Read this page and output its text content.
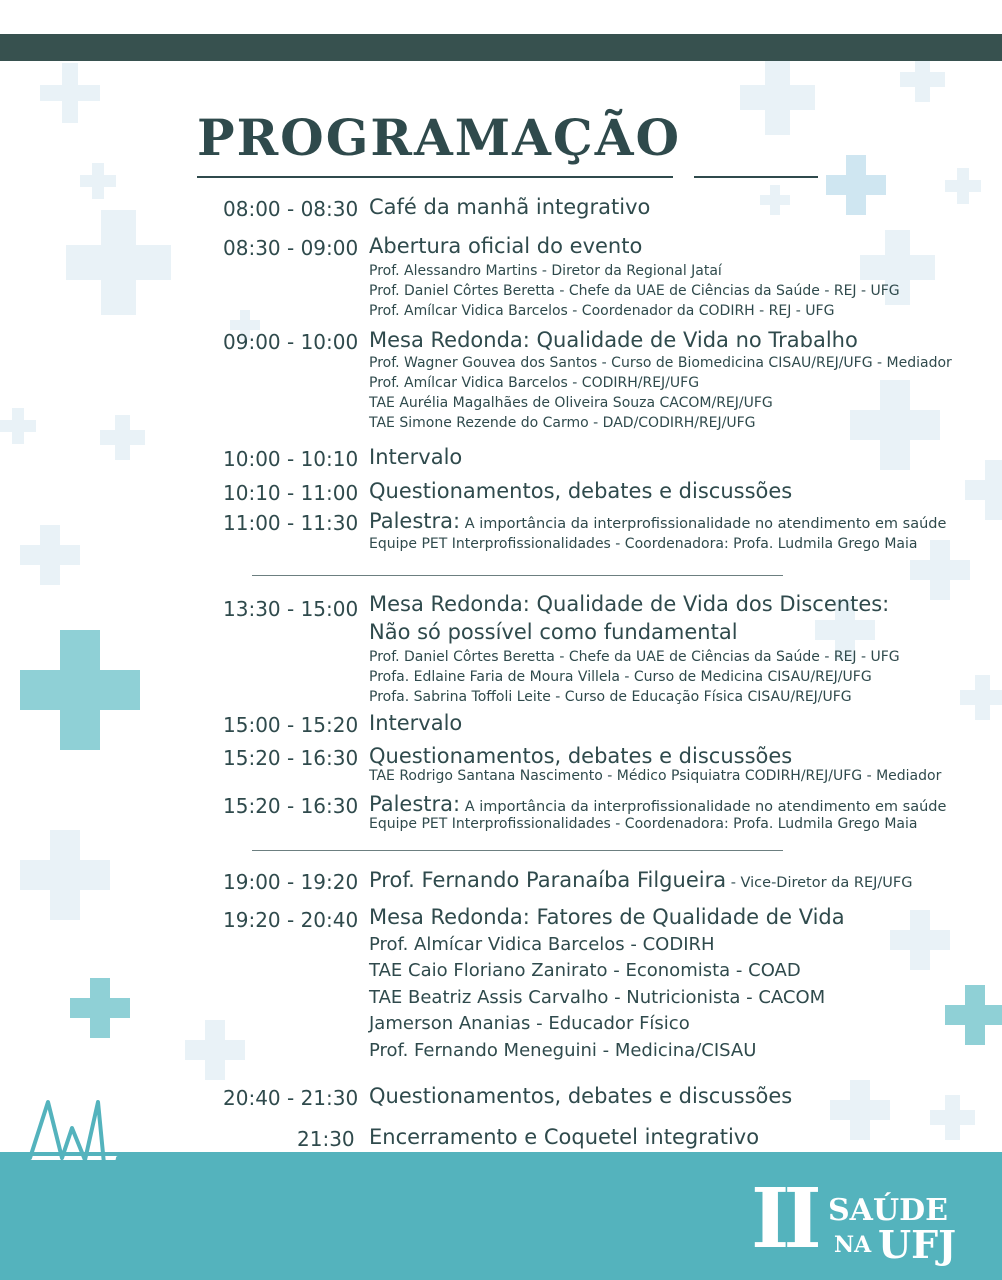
PROGRAMAÇÃO
08:00 - 08:30 Café da manhã integrativo
08:30 - 09:00 Abertura oficial do evento
Prof. Alessandro Martins - Diretor da Regional Jataí
Prof. Daniel Côrtes Beretta - Chefe da UAE de Ciências da Saúde - REJ - UFG
Prof. Amílcar Vidica Barcelos - Coordenador da CODIRH - REJ - UFG
09:00 - 10:00 Mesa Redonda: Qualidade de Vida no Trabalho
Prof. Wagner Gouvea dos Santos - Curso de Biomedicina CISAU/REJ/UFG - Mediador
Prof. Amílcar Vidica Barcelos - CODIRH/REJ/UFG
TAE Aurélia Magalhães de Oliveira Souza CACOM/REJ/UFG
TAE Simone Rezende do Carmo - DAD/CODIRH/REJ/UFG
10:00 - 10:10 Intervalo
10:10 - 11:00 Questionamentos, debates e discussões
11:00 - 11:30 Palestra: A importância da interprofissionalidade no atendimento em saúde
Equipe PET Interprofissionalidades - Coordenadora: Profa. Ludmila Grego Maia
13:30 - 15:00 Mesa Redonda: Qualidade de Vida dos Discentes:
Não só possível como fundamental
Prof. Daniel Côrtes Beretta - Chefe da UAE de Ciências da Saúde - REJ - UFG
Profa. Edlaine Faria de Moura Villela - Curso de Medicina CISAU/REJ/UFG
Profa. Sabrina Toffoli Leite - Curso de Educação Física CISAU/REJ/UFG
15:00 - 15:20 Intervalo
15:20 - 16:30 Questionamentos, debates e discussões
TAE Rodrigo Santana Nascimento - Médico Psiquiatra CODIRH/REJ/UFG - Mediador
15:20 - 16:30 Palestra: A importância da interprofissionalidade no atendimento em saúde
Equipe PET Interprofissionalidades - Coordenadora: Profa. Ludmila Grego Maia
19:00 - 19:20 Prof. Fernando Paranaíba Filgueira - Vice-Diretor da REJ/UFG
19:20 - 20:40 Mesa Redonda: Fatores de Qualidade de Vida
Prof. Almícar Vidica Barcelos - CODIRH
TAE Caio Floriano Zanirato - Economista - COAD
TAE Beatriz Assis Carvalho - Nutricionista - CACOM
Jamerson Ananias - Educador Físico
Prof. Fernando Meneguini - Medicina/CISAU
20:40 - 21:30 Questionamentos, debates e discussões
21:30 Encerramento e Coquetel integrativo
II SAÚDE
NA UFJ
